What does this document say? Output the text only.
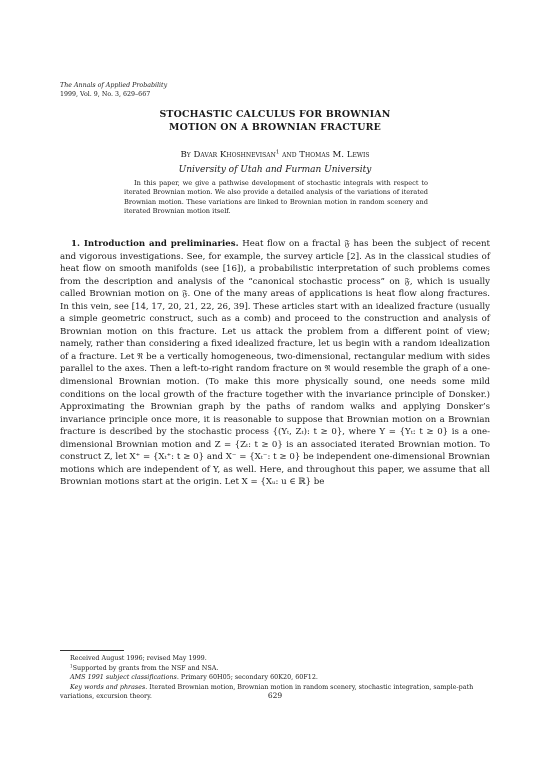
The Annals of Applied Probability
1999, Vol. 9, No. 3, 629–667
STOCHASTIC CALCULUS FOR BROWNIAN
MOTION ON A BROWNIAN FRACTURE
By Davar Khoshnevisan$^1$ and Thomas M. Lewis
University of Utah and Furman University

In this paper, we give a pathwise development of stochastic integrals with respect to iterated Brownian motion. We also provide a detailed analysis of the variations of iterated Brownian motion. These variations are linked to Brownian motion in random scenery and iterated Brownian motion itself.

1. Introduction and preliminaries. Heat flow on a fractal 𝔉 has been the subject of recent and vigorous investigations. See, for example, the survey article [2]. As in the classical studies of heat flow on smooth manifolds (see [16]), a probabilistic interpretation of such problems comes from the description and analysis of the “canonical stochastic process” on 𝔉, which is usually called Brownian motion on 𝔉. One of the many areas of applications is heat flow along fractures. In this vein, see [14, 17, 20, 21, 22, 26, 39]. These articles start with an idealized fracture (usually a simple geometric construct, such as a comb) and proceed to the construction and analysis of Brownian motion on this fracture. Let us attack the problem from a different point of view; namely, rather than considering a fixed idealized fracture, let us begin with a random idealization of a fracture. Let ℜ be a vertically homogeneous, two-dimensional, rectangular medium with sides parallel to the axes. Then a left-to-right random fracture on ℜ would resemble the graph of a one-dimensional Brownian motion. (To make this more physically sound, one needs some mild conditions on the local growth of the fracture together with the invariance principle of Donsker.) Approximating the Brownian graph by the paths of random walks and applying Donsker’s invariance principle once more, it is reasonable to suppose that Brownian motion on a Brownian fracture is described by the stochastic process {(Yₜ, Zₜ): t ≥ 0}, where Y = {Yₜ: t ≥ 0} is a one-dimensional Brownian motion and Z = {Zₜ: t ≥ 0} is an associated iterated Brownian motion. To construct Z, let X⁺ = {Xₜ⁺: t ≥ 0} and X⁻ = {Xₜ⁻: t ≥ 0} be independent one-dimensional Brownian motions which are independent of Y, as well. Here, and throughout this paper, we assume that all Brownian motions start at the origin. Let X = {Xᵤ: u ∈ ℝ} be

Received August 1996; revised May 1999.
$^1$Supported by grants from the NSF and NSA.
AMS 1991 subject classifications. Primary 60H05; secondary 60K20, 60F12.
Key words and phrases. Iterated Brownian motion, Brownian motion in random scenery, stochastic integration, sample-path variations, excursion theory.	629
